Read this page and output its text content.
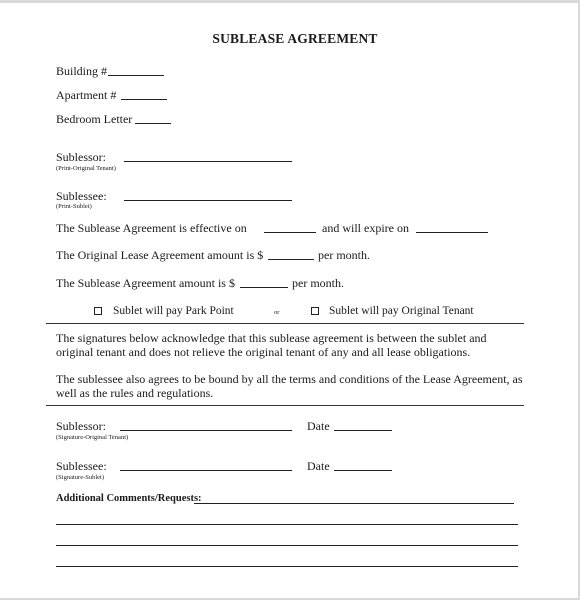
SUBLEASE AGREEMENT
Building #
Apartment #
Bedroom Letter
Sublessor:
(Print-Original Tenant)
Sublessee:
(Print-Sublet)
The Sublease Agreement is effective on	and will expire on
The Original Lease Agreement amount is $	per month.
The Sublease Agreement amount is $	per month.
Sublet will pay Park Point	or	Sublet will pay Original Tenant
The signatures below acknowledge that this sublease agreement is between the sublet and original tenant and does not relieve the original tenant of any and all lease obligations.
The sublessee also agrees to be bound by all the terms and conditions of the Lease Agreement, as well as the rules and regulations.
Sublessor:
(Signature-Original Tenant)
Date
Sublessee:
(Signature-Sublet)
Date
Additional Comments/Requests:
